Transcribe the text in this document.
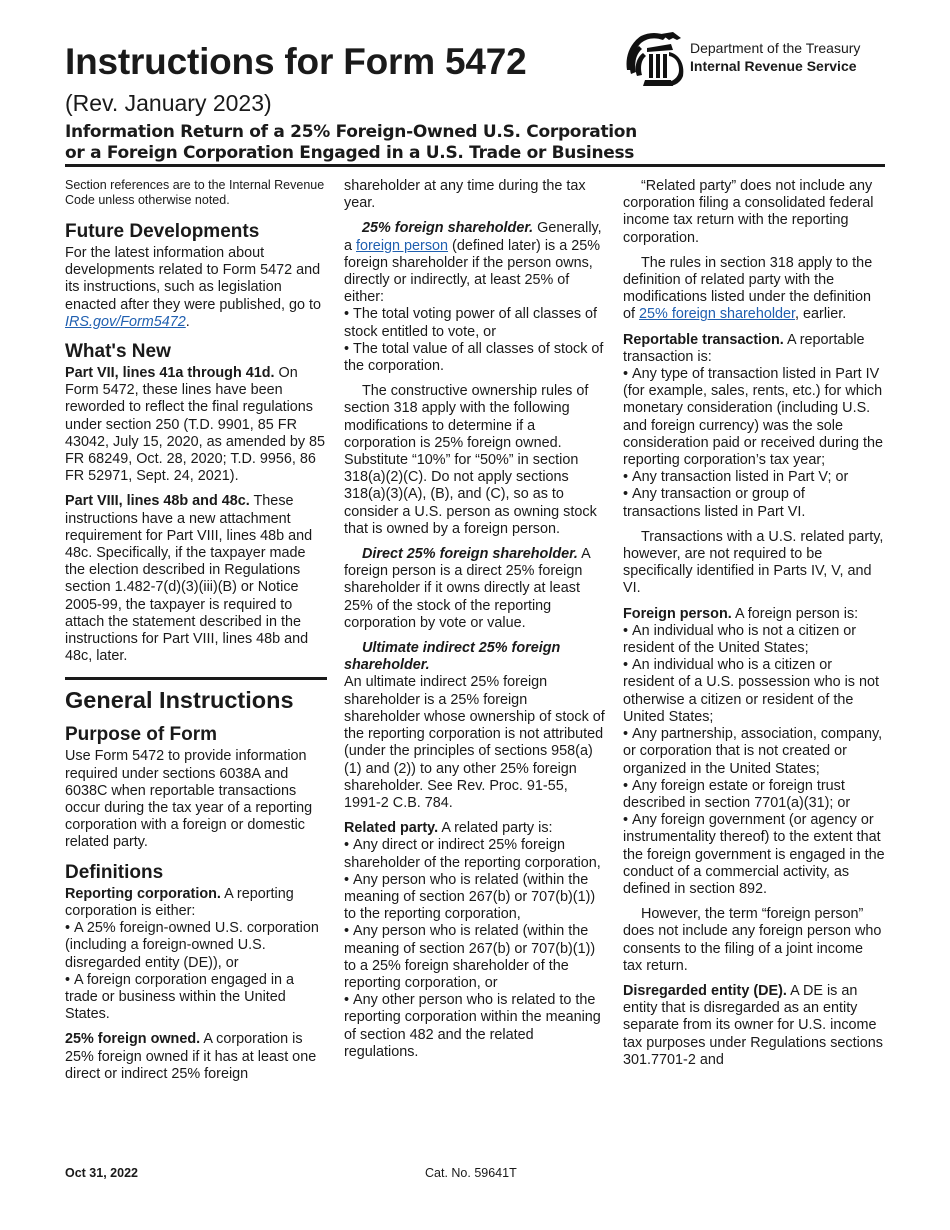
Instructions for Form 5472
(Rev. January 2023)
Information Return of a 25% Foreign-Owned U.S. Corporation
or a Foreign Corporation Engaged in a U.S. Trade or Business
Department of the Treasury
Internal Revenue Service

Section references are to the Internal Revenue Code unless otherwise noted.

Future Developments

For the latest information about developments related to Form 5472 and its instructions, such as legislation enacted after they were published, go to IRS.gov/Form5472.

What's New

Part VII, lines 41a through 41d. On Form 5472, these lines have been reworded to reflect the final regulations under section 250 (T.D. 9901, 85 FR 43042, July 15, 2020, as amended by 85 FR 68249, Oct. 28, 2020; T.D. 9956, 86 FR 52971, Sept. 24, 2021).

Part VIII, lines 48b and 48c. These instructions have a new attachment requirement for Part VIII, lines 48b and 48c. Specifically, if the taxpayer made the election described in Regulations section 1.482-7(d)(3)(iii)(B) or Notice 2005-99, the taxpayer is required to attach the statement described in the instructions for Part VIII, lines 48b and 48c, later.

General Instructions
Purpose of Form

Use Form 5472 to provide information required under sections 6038A and 6038C when reportable transactions occur during the tax year of a reporting corporation with a foreign or domestic related party.

Definitions

Reporting corporation. A reporting corporation is either:

• A 25% foreign-owned U.S. corporation (including a foreign-owned U.S. disregarded entity (DE)), or

• A foreign corporation engaged in a trade or business within the United States.

25% foreign owned. A corporation is 25% foreign owned if it has at least one direct or indirect 25% foreign

shareholder at any time during the tax year.

25% foreign shareholder. Generally, a foreign person (defined later) is a 25% foreign shareholder if the person owns, directly or indirectly, at least 25% of either:

• The total voting power of all classes of stock entitled to vote, or

• The total value of all classes of stock of the corporation.

The constructive ownership rules of section 318 apply with the following modifications to determine if a corporation is 25% foreign owned. Substitute “10%” for “50%” in section 318(a)(2)(C). Do not apply sections 318(a)(3)(A), (B), and (C), so as to consider a U.S. person as owning stock that is owned by a foreign person.

Direct 25% foreign shareholder. A foreign person is a direct 25% foreign shareholder if it owns directly at least 25% of the stock of the reporting corporation by vote or value.

Ultimate indirect 25% foreign shareholder. An ultimate indirect 25% foreign shareholder is a 25% foreign shareholder whose ownership of stock of the reporting corporation is not attributed (under the principles of sections 958(a)(1) and (2)) to any other 25% foreign shareholder. See Rev. Proc. 91-55, 1991-2 C.B. 784.

Related party. A related party is:

• Any direct or indirect 25% foreign shareholder of the reporting corporation,

• Any person who is related (within the meaning of section 267(b) or 707(b)(1)) to the reporting corporation,

• Any person who is related (within the meaning of section 267(b) or 707(b)(1)) to a 25% foreign shareholder of the reporting corporation, or

• Any other person who is related to the reporting corporation within the meaning of section 482 and the related regulations.

“Related party” does not include any corporation filing a consolidated federal income tax return with the reporting corporation.

The rules in section 318 apply to the definition of related party with the modifications listed under the definition of 25% foreign shareholder, earlier.

Reportable transaction. A reportable transaction is:

• Any type of transaction listed in Part IV (for example, sales, rents, etc.) for which monetary consideration (including U.S. and foreign currency) was the sole consideration paid or received during the reporting corporation’s tax year;

• Any transaction listed in Part V; or

• Any transaction or group of transactions listed in Part VI.

Transactions with a U.S. related party, however, are not required to be specifically identified in Parts IV, V, and VI.

Foreign person. A foreign person is:

• An individual who is not a citizen or resident of the United States;

• An individual who is a citizen or resident of a U.S. possession who is not otherwise a citizen or resident of the United States;

• Any partnership, association, company, or corporation that is not created or organized in the United States;

• Any foreign estate or foreign trust described in section 7701(a)(31); or

• Any foreign government (or agency or instrumentality thereof) to the extent that the foreign government is engaged in the conduct of a commercial activity, as defined in section 892.

However, the term “foreign person” does not include any foreign person who consents to the filing of a joint income tax return.

Disregarded entity (DE). A DE is an entity that is disregarded as an entity separate from its owner for U.S. income tax purposes under Regulations sections 301.7701-2 and

Oct 31, 2022	Cat. No. 59641T
